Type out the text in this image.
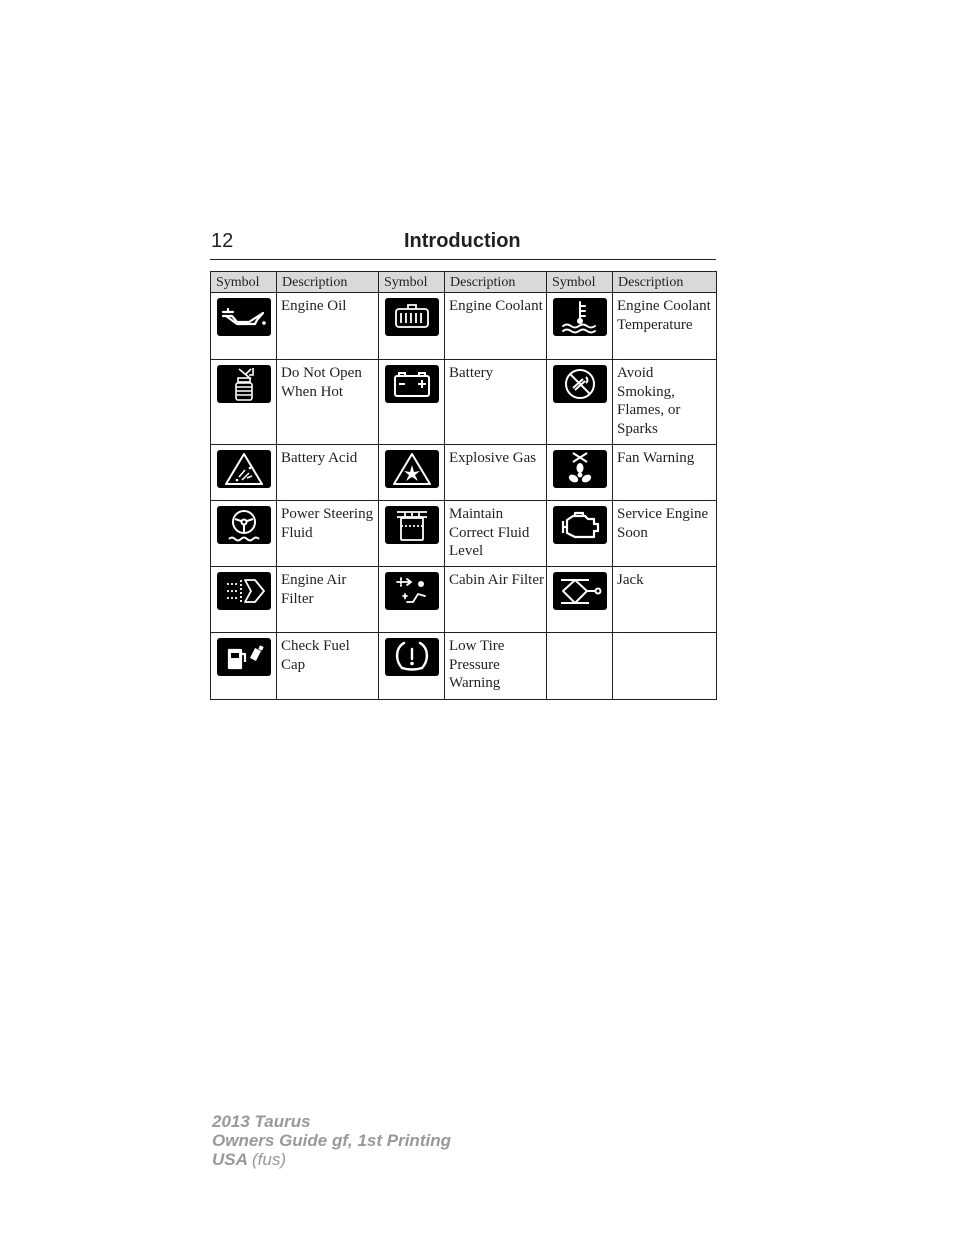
12	Introduction
Symbol	Description	Symbol	Description	Symbol	Description

	Engine Oil		Engine Coolant		Engine Coolant Temperature

	Do Not Open When Hot		Battery		Avoid Smoking, Flames, or Sparks

	Battery Acid		Explosive Gas		Fan Warning

	Power Steering Fluid		Maintain Correct Fluid Level		Service Engine Soon

	Engine Air Filter		Cabin Air Filter		Jack

	Check Fuel Cap		Low Tire Pressure Warning		
2013 Taurus
Owners Guide gf, 1st Printing
USA (fus)
